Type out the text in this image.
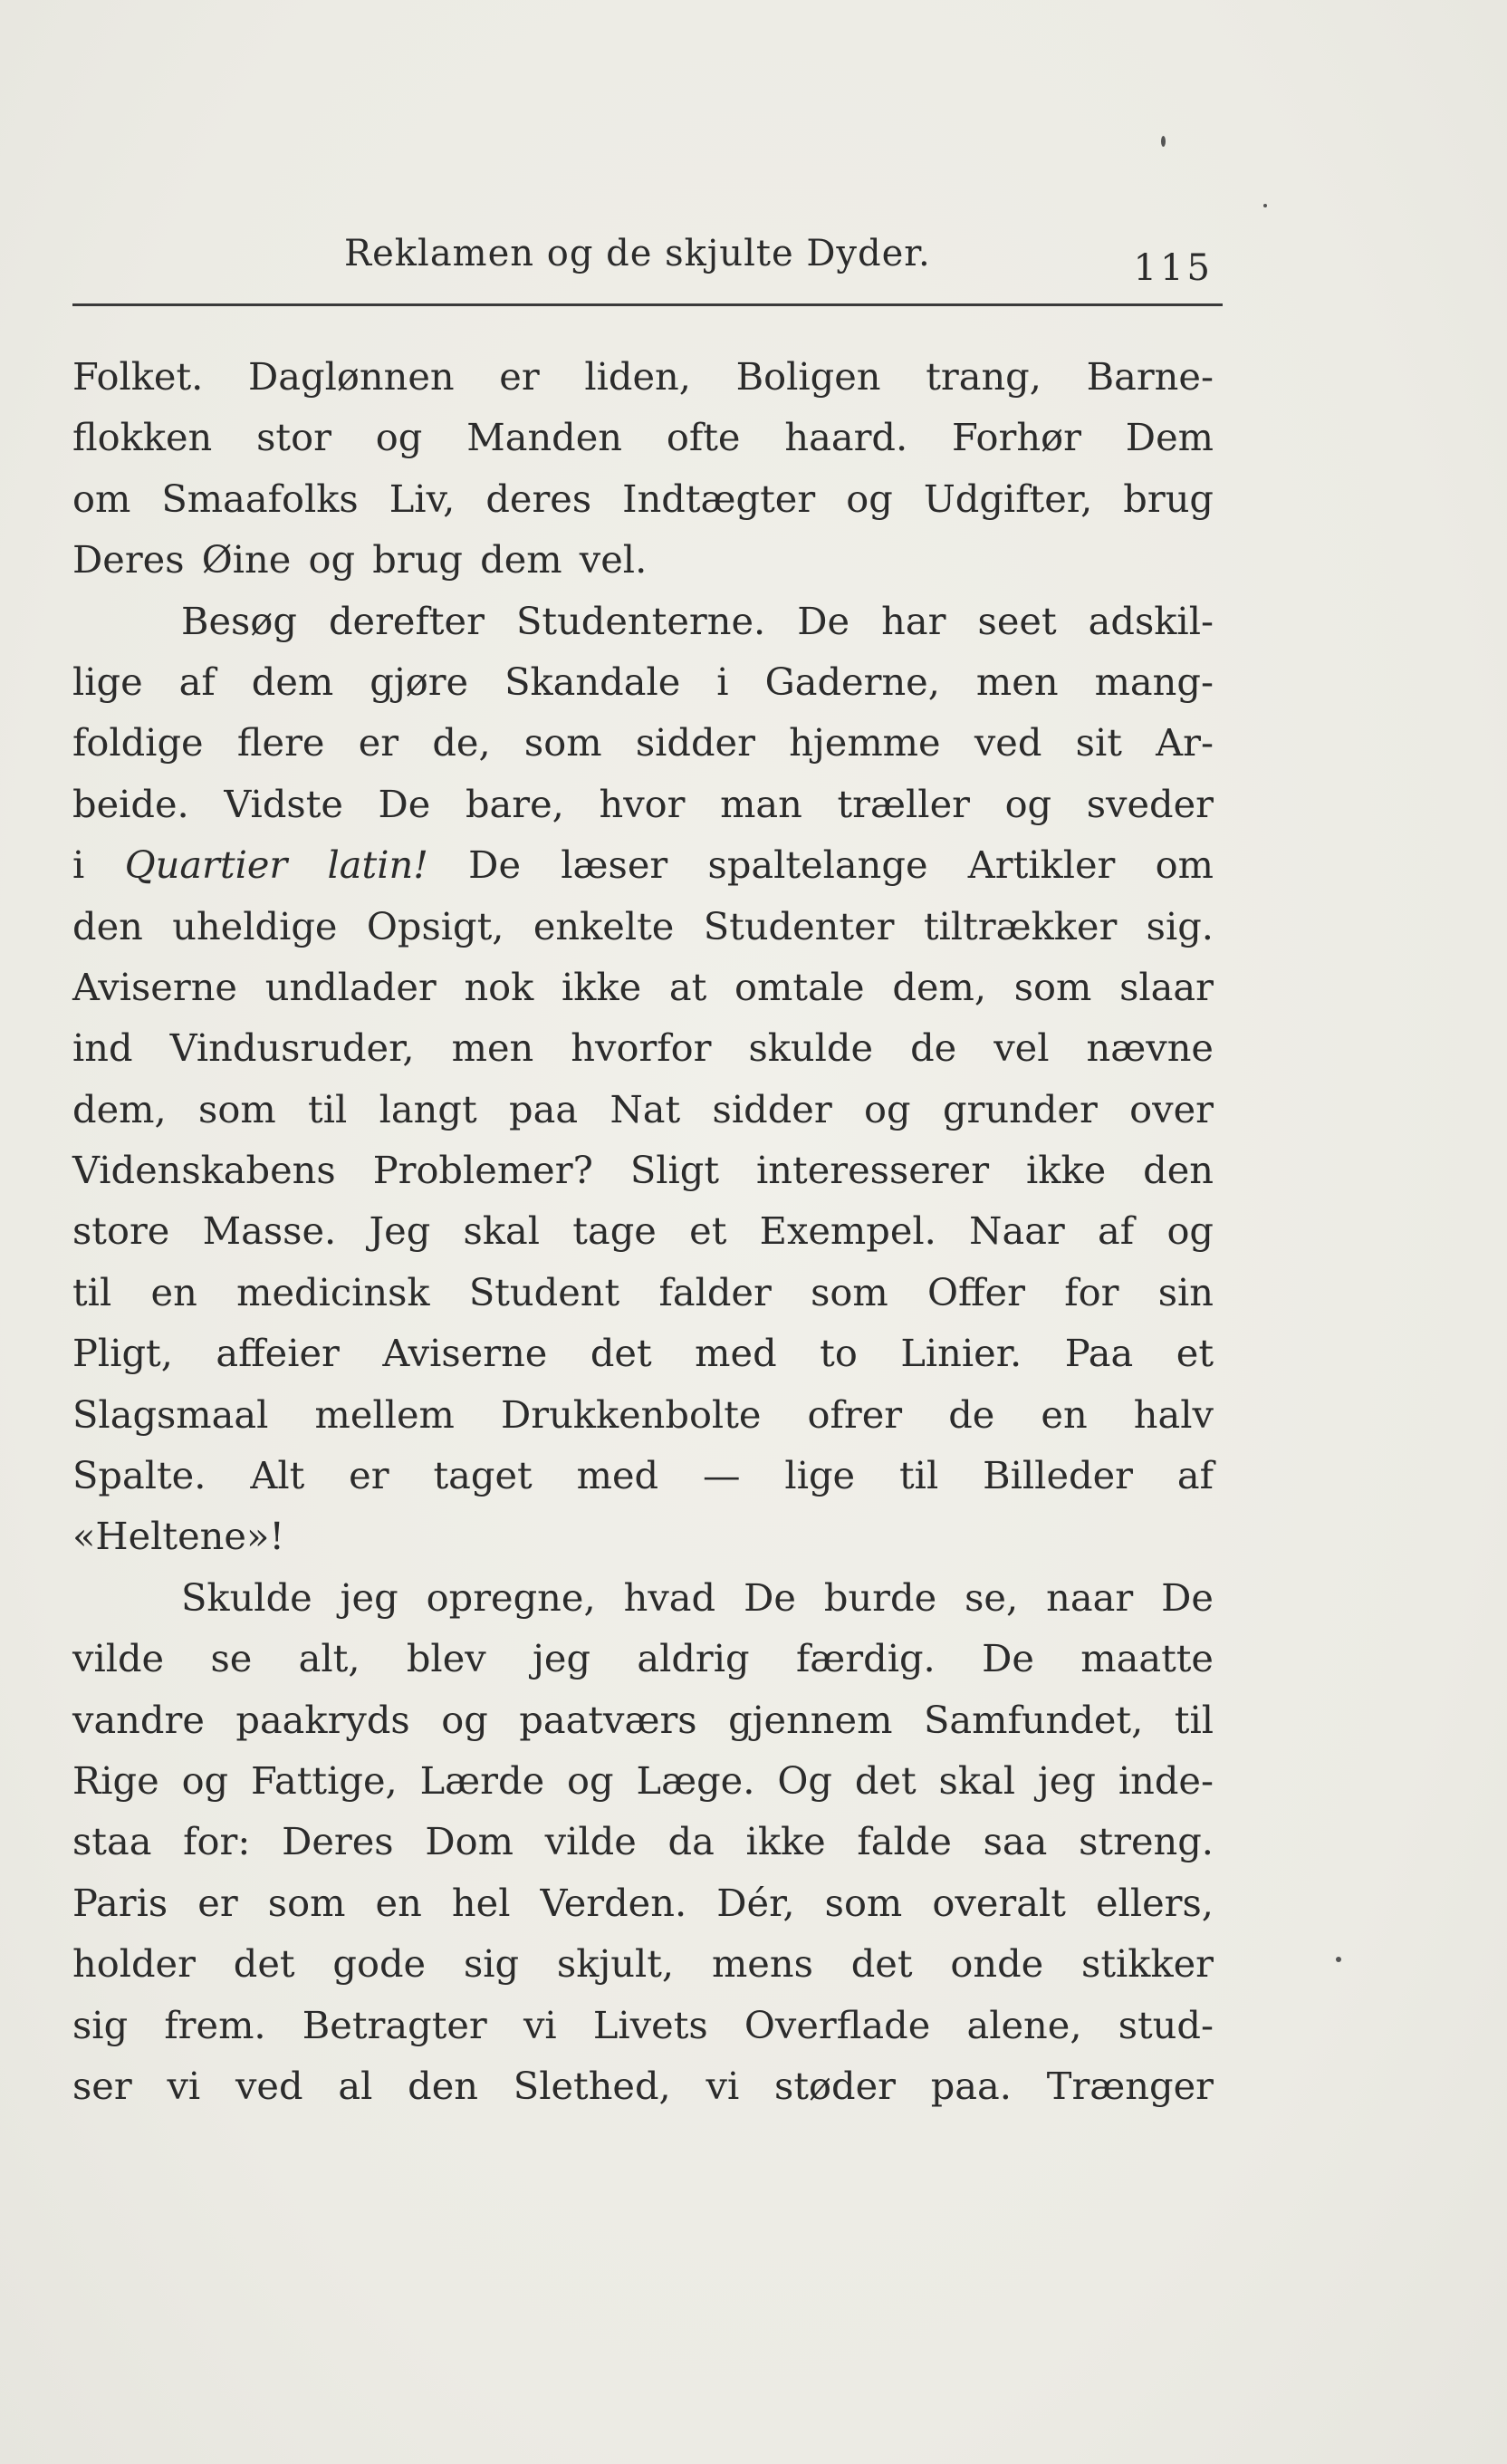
Reklamen og de skjulte Dyder.	115
Folket. Daglønnen er liden, Boligen trang, Barne-
flokken stor og Manden ofte haard. Forhør Dem
om Smaafolks Liv, deres Indtægter og Udgifter, brug
Deres Øine og brug dem vel.
Besøg derefter Studenterne. De har seet adskil-
lige af dem gjøre Skandale i Gaderne, men mang-
foldige flere er de, som sidder hjemme ved sit Ar-
beide. Vidste De bare, hvor man træller og sveder
i Quartier latin! De læser spaltelange Artikler om
den uheldige Opsigt, enkelte Studenter tiltrækker sig.
Aviserne undlader nok ikke at omtale dem, som slaar
ind Vindusruder, men hvorfor skulde de vel nævne
dem, som til langt paa Nat sidder og grunder over
Videnskabens Problemer? Sligt interesserer ikke den
store Masse. Jeg skal tage et Exempel. Naar af og
til en medicinsk Student falder som Offer for sin
Pligt, affeier Aviserne det med to Linier. Paa et
Slagsmaal mellem Drukkenbolte ofrer de en halv
Spalte. Alt er taget med — lige til Billeder af
«Heltene»!
Skulde jeg opregne, hvad De burde se, naar De
vilde se alt, blev jeg aldrig færdig. De maatte
vandre paakryds og paatværs gjennem Samfundet, til
Rige og Fattige, Lærde og Læge. Og det skal jeg inde-
staa for: Deres Dom vilde da ikke falde saa streng.
Paris er som en hel Verden. Dér, som overalt ellers,
holder det gode sig skjult, mens det onde stikker
sig frem. Betragter vi Livets Overflade alene, stud-
ser vi ved al den Slethed, vi støder paa. Trænger
